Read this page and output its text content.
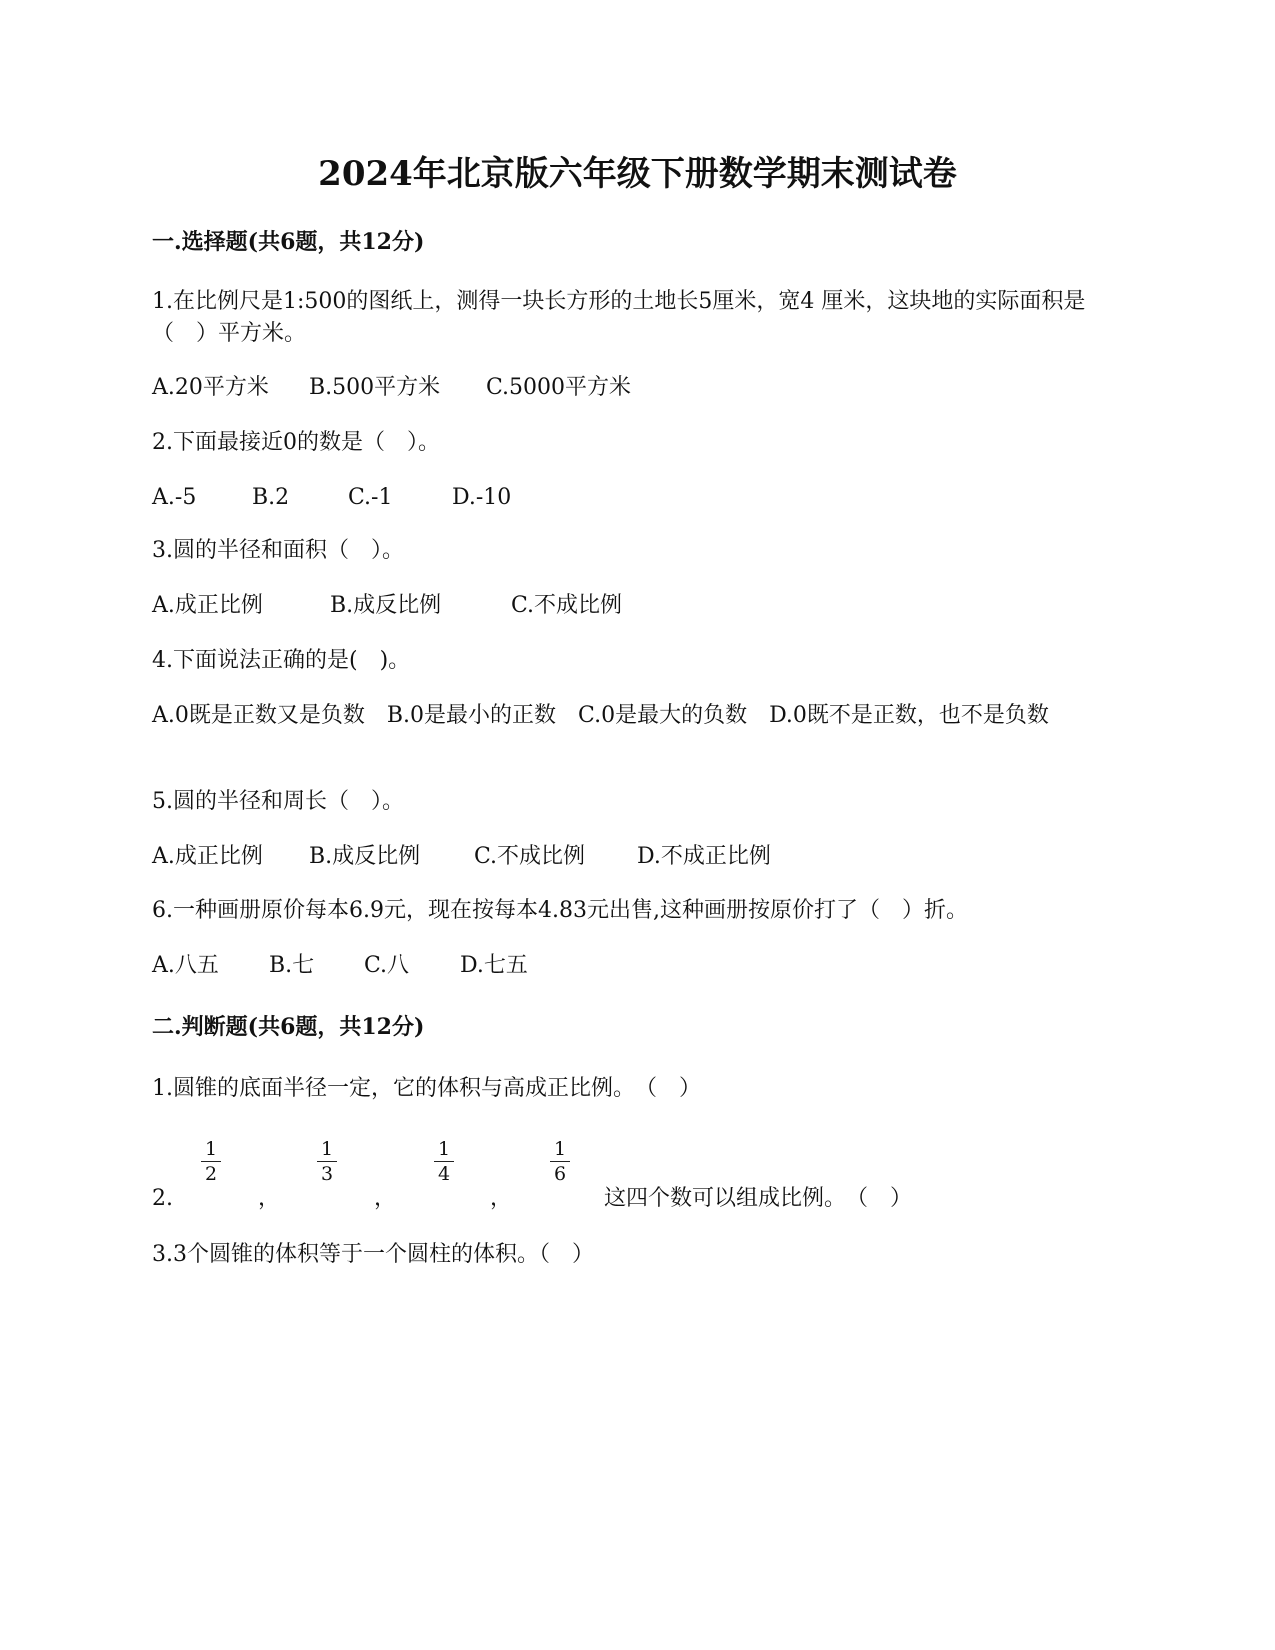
2024年北京版六年级下册数学期末测试卷
一.选择题(共6题，共12分)
1.在比例尺是1:500的图纸上，测得一块长方形的土地长5厘米，宽4 厘米，这块地的实际面积是（　）平方米。
A.20平方米 B.500平方米 C.5000平方米
2.下面最接近0的数是（　）。
A.-5	B.2	C.-1	D.-10
3.圆的半径和面积（　）。
A.成正比例	B.成反比例	C.不成比例
4.下面说法正确的是(　)。
A.0既是正数又是负数　B.0是最小的正数　C.0是最大的负数　D.0既不是正数，也不是负数
5.圆的半径和周长（　）。
A.成正比例 B.成反比例 C.不成比例 D.不成正比例
6.一种画册原价每本6.9元，现在按每本4.83元出售,这种画册按原价打了（　）折。
A.八五 B.七 C.八 D.七五
二.判断题(共6题，共12分)
1.圆锥的底面半径一定，它的体积与高成正比例。　（　）
2.
1
2
，
1
3
，
1
4
，
1
6
这四个数可以组成比例。　（　）
3.3个圆锥的体积等于一个圆柱的体积。（　）
